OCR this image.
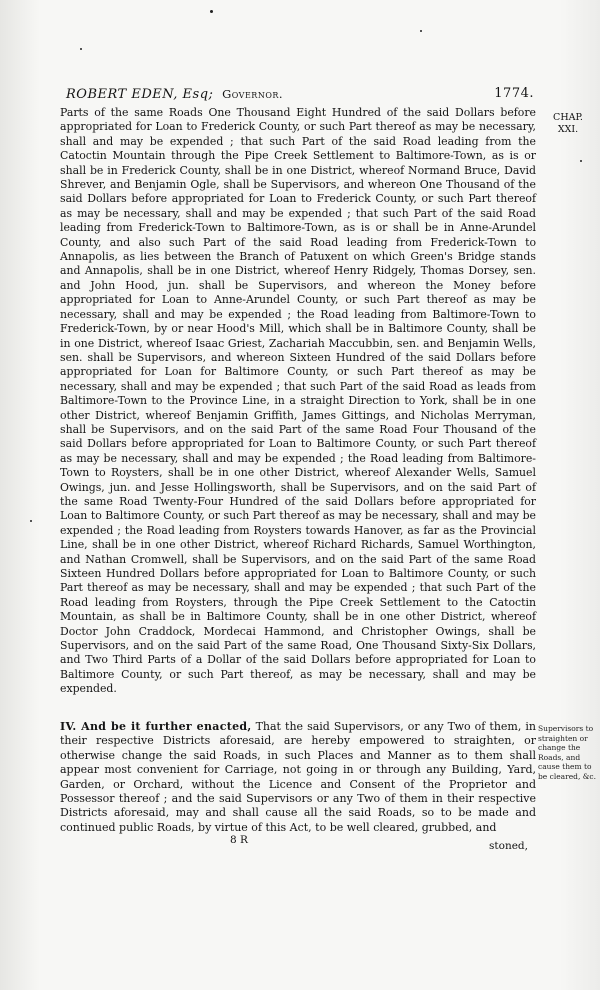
ROBERT EDEN, Esq; Governor.	1774.
CHAP.
XXI.

Parts of the same Roads One Thousand Eight Hundred of the said Dollars before appropriated for Loan to Frederick County, or such Part thereof as may be necessary, shall and may be expended ; that such Part of the said Road leading from the Catoctin Mountain through the Pipe Creek Settlement to Baltimore-Town, as is or shall be in Frederick County, shall be in one District, whereof Normand Bruce, David Shrever, and Benjamin Ogle, shall be Supervisors, and whereon One Thousand of the said Dollars before appropriated for Loan to Frederick County, or such Part thereof as may be necessary, shall and may be expended ; that such Part of the said Road leading from Frederick-Town to Baltimore-Town, as is or shall be in Anne-Arundel County, and also such Part of the said Road leading from Frederick-Town to Annapolis, as lies between the Branch of Patuxent on which Green's Bridge stands and Annapolis, shall be in one District, whereof Henry Ridgely, Thomas Dorsey, sen. and John Hood, jun. shall be Supervisors, and whereon the Money before appropriated for Loan to Anne-Arundel County, or such Part thereof as may be necessary, shall and may be expended ; the Road leading from Baltimore-Town to Frederick-Town, by or near Hood's Mill, which shall be in Baltimore County, shall be in one District, whereof Isaac Griest, Zachariah Maccubbin, sen. and Benjamin Wells, sen. shall be Supervisors, and whereon Sixteen Hundred of the said Dollars before appropriated for Loan for Baltimore County, or such Part thereof as may be necessary, shall and may be expended ; that such Part of the said Road as leads from Baltimore-Town to the Province Line, in a straight Direction to York, shall be in one other District, whereof Benjamin Griffith, James Gittings, and Nicholas Merryman, shall be Supervisors, and on the said Part of the same Road Four Thousand of the said Dollars before appropriated for Loan to Baltimore County, or such Part thereof as may be necessary, shall and may be expended ; the Road leading from Baltimore-Town to Roysters, shall be in one other District, whereof Alexander Wells, Samuel Owings, jun. and Jesse Hollingsworth, shall be Supervisors, and on the said Part of the same Road Twenty-Four Hundred of the said Dollars before appropriated for Loan to Baltimore County, or such Part thereof as may be necessary, shall and may be expended ; the Road leading from Roysters towards Hanover, as far as the Provincial Line, shall be in one other District, whereof Richard Richards, Samuel Worthington, and Nathan Cromwell, shall be Supervisors, and on the said Part of the same Road Sixteen Hundred Dollars before appropriated for Loan to Baltimore County, or such Part thereof as may be necessary, shall and may be expended ; that such Part of the Road leading from Roysters, through the Pipe Creek Settlement to the Catoctin Mountain, as shall be in Baltimore County, shall be in one other District, whereof Doctor John Craddock, Mordecai Hammond, and Christopher Owings, shall be Supervisors, and on the said Part of the same Road, One Thousand Sixty-Six Dollars, and Two Third Parts of a Dollar of the said Dollars before appropriated for Loan to Baltimore County, or such Part thereof, as may be necessary, shall and may be expended.

IV. And be it further enacted, That the said Supervisors, or any Two of them, in their respective Districts aforesaid, are hereby empowered to straighten, or otherwise change the said Roads, in such Places and Manner as to them shall appear most convenient for Carriage, not going in or through any Building, Yard, Garden, or Orchard, without the Licence and Consent of the Proprietor and Possessor thereof ; and the said Supervisors or any Two of them in their respective Districts aforesaid, may and shall cause all the said Roads, so to be made and continued public Roads, by virtue of this Act, to be well cleared, grubbed, and

Supervisors to straighten or change the Roads, and cause them to be cleared, &c.
8 R	stoned,
